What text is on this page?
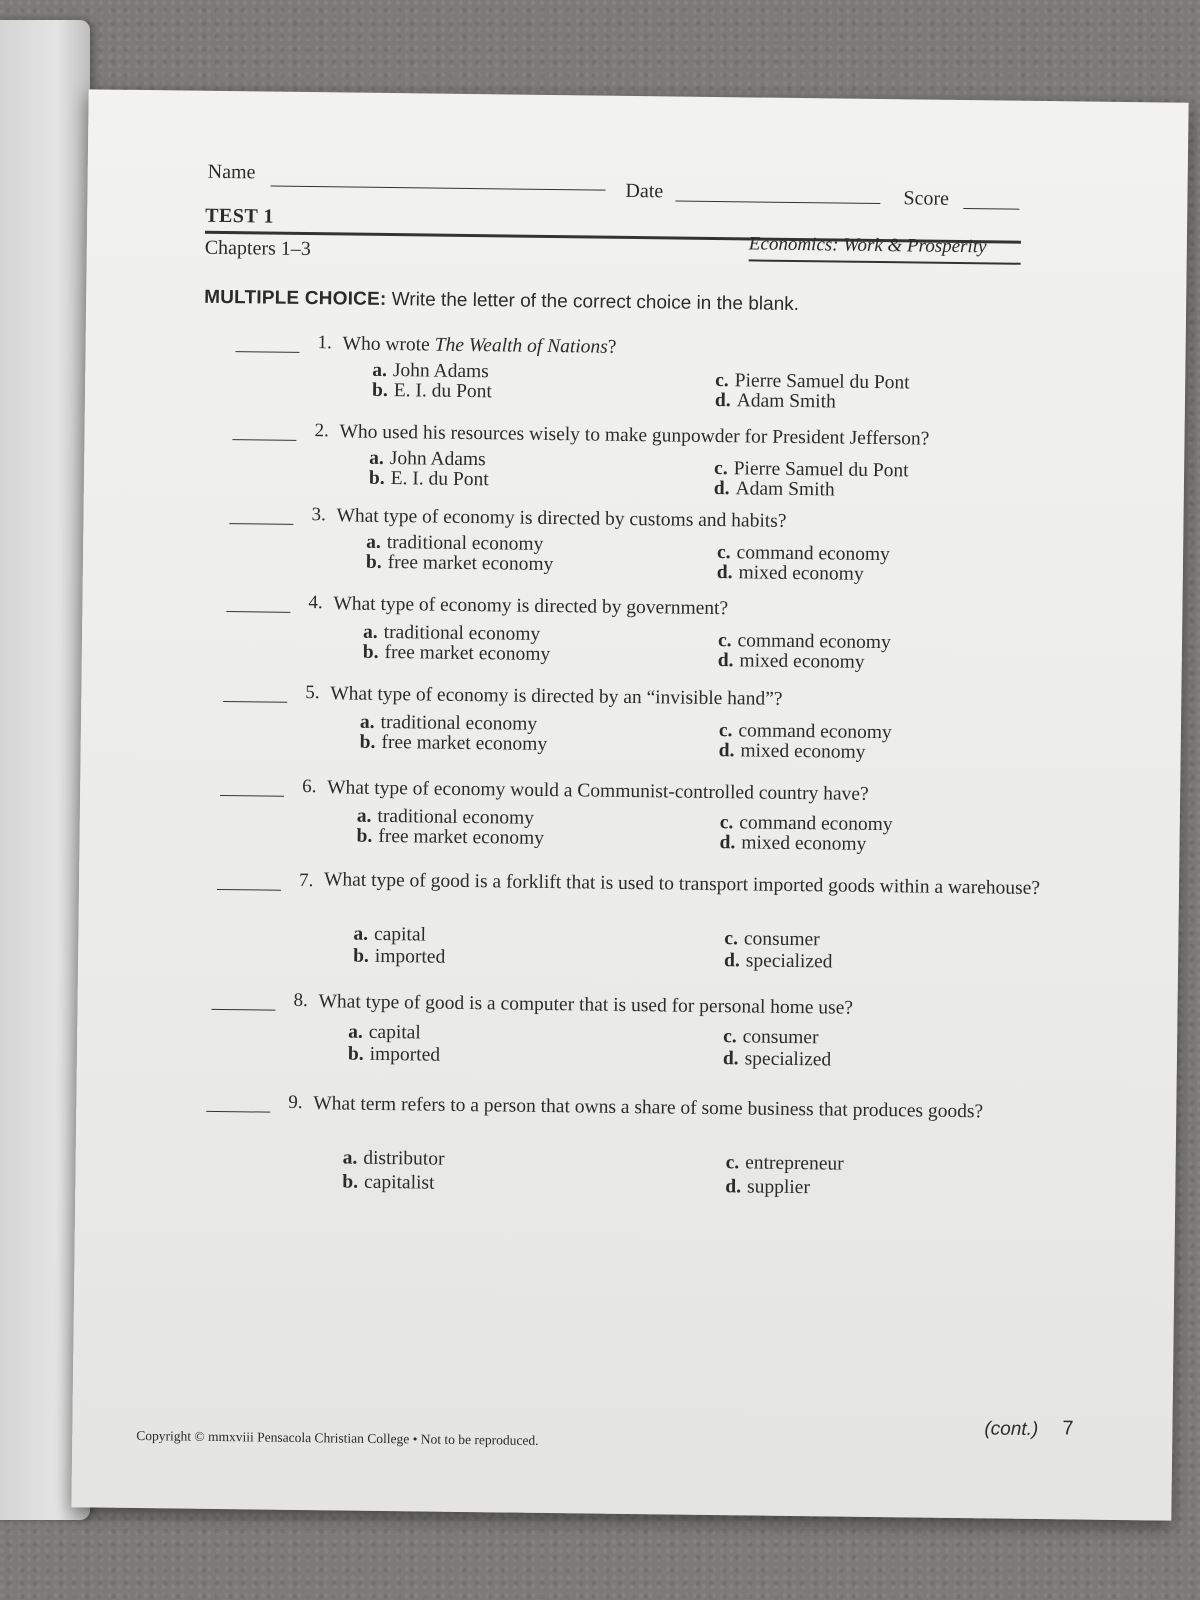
Name
Date	Score
TEST 1
Chapters 1–3	Economics: Work & Prosperity
MULTIPLE CHOICE: Write the letter of the correct choice in the blank.
1. Who wrote The Wealth of Nations?
a. John Adams
b. E. I. du Pont	c. Pierre Samuel du Pont
d. Adam Smith
2. Who used his resources wisely to make gunpowder for President Jefferson?
a. John Adams
b. E. I. du Pont	c. Pierre Samuel du Pont
d. Adam Smith
3. What type of economy is directed by customs and habits?
a. traditional economy
b. free market economy	c. command economy
d. mixed economy
4. What type of economy is directed by government?
a. traditional economy
b. free market economy
c. command economy
d. mixed economy
5. What type of economy is directed by an “invisible hand”?
a. traditional economy
b. free market economy
c. command economy
d. mixed economy
6. What type of economy would a Communist-controlled country have?
a. traditional economy
b. free market economy
c. command economy
d. mixed economy
7. What type of good is a forklift that is used to transport imported goods within a warehouse?
a. capital
b. imported
c. consumer
d. specialized
8. What type of good is a computer that is used for personal home use?
a. capital
b. imported
c. consumer
d. specialized
9. What term refers to a person that owns a share of some business that produces goods?
a. distributor
b. capitalist
c. entrepreneur
d. supplier
Copyright © mmxviii Pensacola Christian College • Not to be reproduced.	(cont.) 7
